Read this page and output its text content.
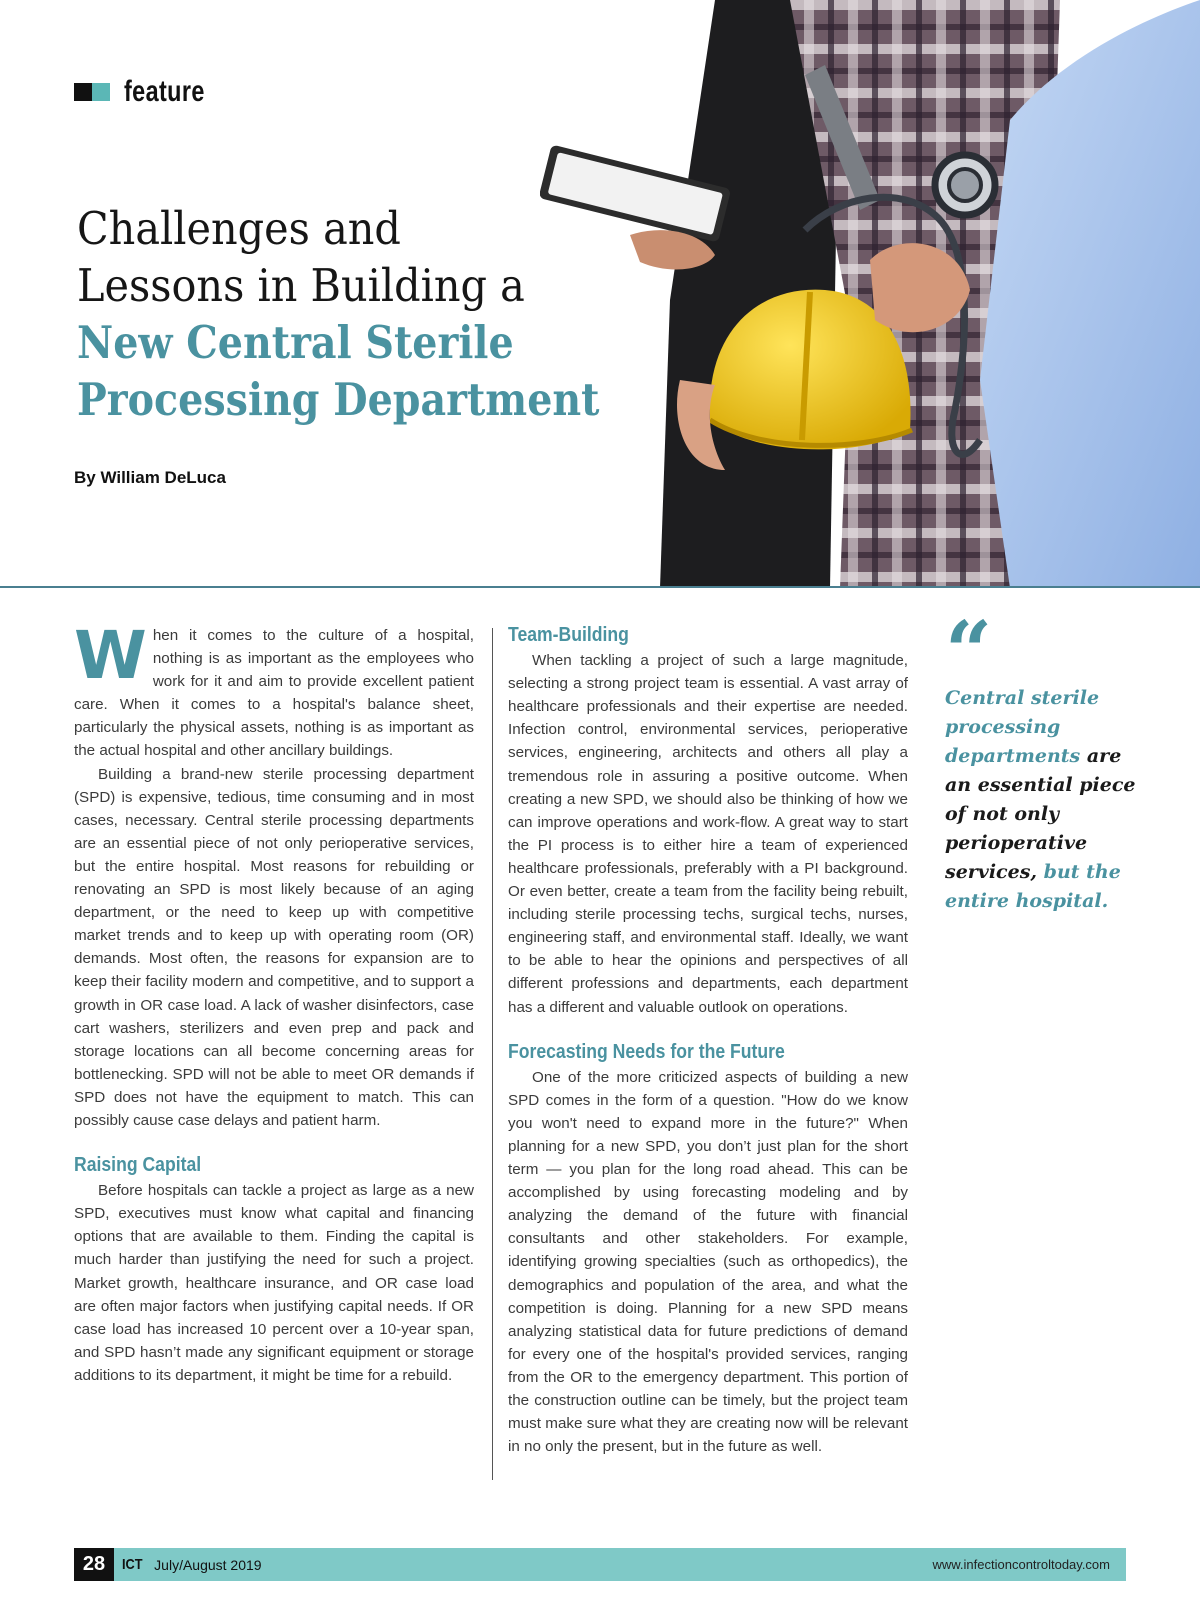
feature
Challenges and
Lessons in Building a
New Central Sterile
Processing Department
By William DeLuca

When it comes to the culture of a hospital, nothing is as important as the employees who work for it and aim to provide excellent patient care. When it comes to a hospital's balance sheet, particularly the physical assets, nothing is as important as the actual hospital and other ancillary buildings.

Building a brand-new sterile processing department (SPD) is expensive, tedious, time consuming and in most cases, necessary. Central sterile processing departments are an essential piece of not only perioperative services, but the entire hospital. Most reasons for rebuilding or renovating an SPD is most likely because of an aging department, or the need to keep up with competitive market trends and to keep up with operating room (OR) demands. Most often, the reasons for expansion are to keep their facility modern and competitive, and to support a growth in OR case load. A lack of washer disinfectors, case cart washers, sterilizers and even prep and pack and storage locations can all become concerning areas for bottlenecking. SPD will not be able to meet OR demands if SPD does not have the equipment to match. This can possibly cause case delays and patient harm.

Raising Capital

Before hospitals can tackle a project as large as a new SPD, executives must know what capital and financing options that are available to them. Finding the capital is much harder than justifying the need for such a project. Market growth, healthcare insurance, and OR case load are often major factors when justifying capital needs. If OR case load has increased 10 percent over a 10-year span, and SPD hasn’t made any significant equipment or storage additions to its department, it might be time for a rebuild.

Team-Building

When tackling a project of such a large magnitude, selecting a strong project team is essential. A vast array of healthcare professionals and their expertise are needed. Infection control, environmental services, perioperative services, engineering, architects and others all play a tremendous role in assuring a positive outcome. When creating a new SPD, we should also be thinking of how we can improve operations and work-flow. A great way to start the PI process is to either hire a team of experienced healthcare professionals, preferably with a PI background. Or even better, create a team from the facility being rebuilt, including sterile processing techs, surgical techs, nurses, engineering staff, and environmental staff. Ideally, we want to be able to hear the opinions and perspectives of all different professions and departments, each department has a different and valuable outlook on operations.

Forecasting Needs for the Future

One of the more criticized aspects of building a new SPD comes in the form of a question. "How do we know you won't need to expand more in the future?" When planning for a new SPD, you don’t just plan for the short term — you plan for the long road ahead. This can be accomplished by using forecasting modeling and by analyzing the demand of the future with financial consultants and other stakeholders. For example, identifying growing specialties (such as orthopedics), the demographics and population of the area, and what the competition is doing. Planning for a new SPD means analyzing statistical data for future predictions of demand for every one of the hospital's provided services, ranging from the OR to the emergency department. This portion of the construction outline can be timely, but the project team must make sure what they are creating now will be relevant in no only the present, but in the future as well.

“
Central sterile processing departments are an essential piece of not only perioperative services, but the entire hospital.
28	ICT July/August 2019	www.infectioncontroltoday.com
